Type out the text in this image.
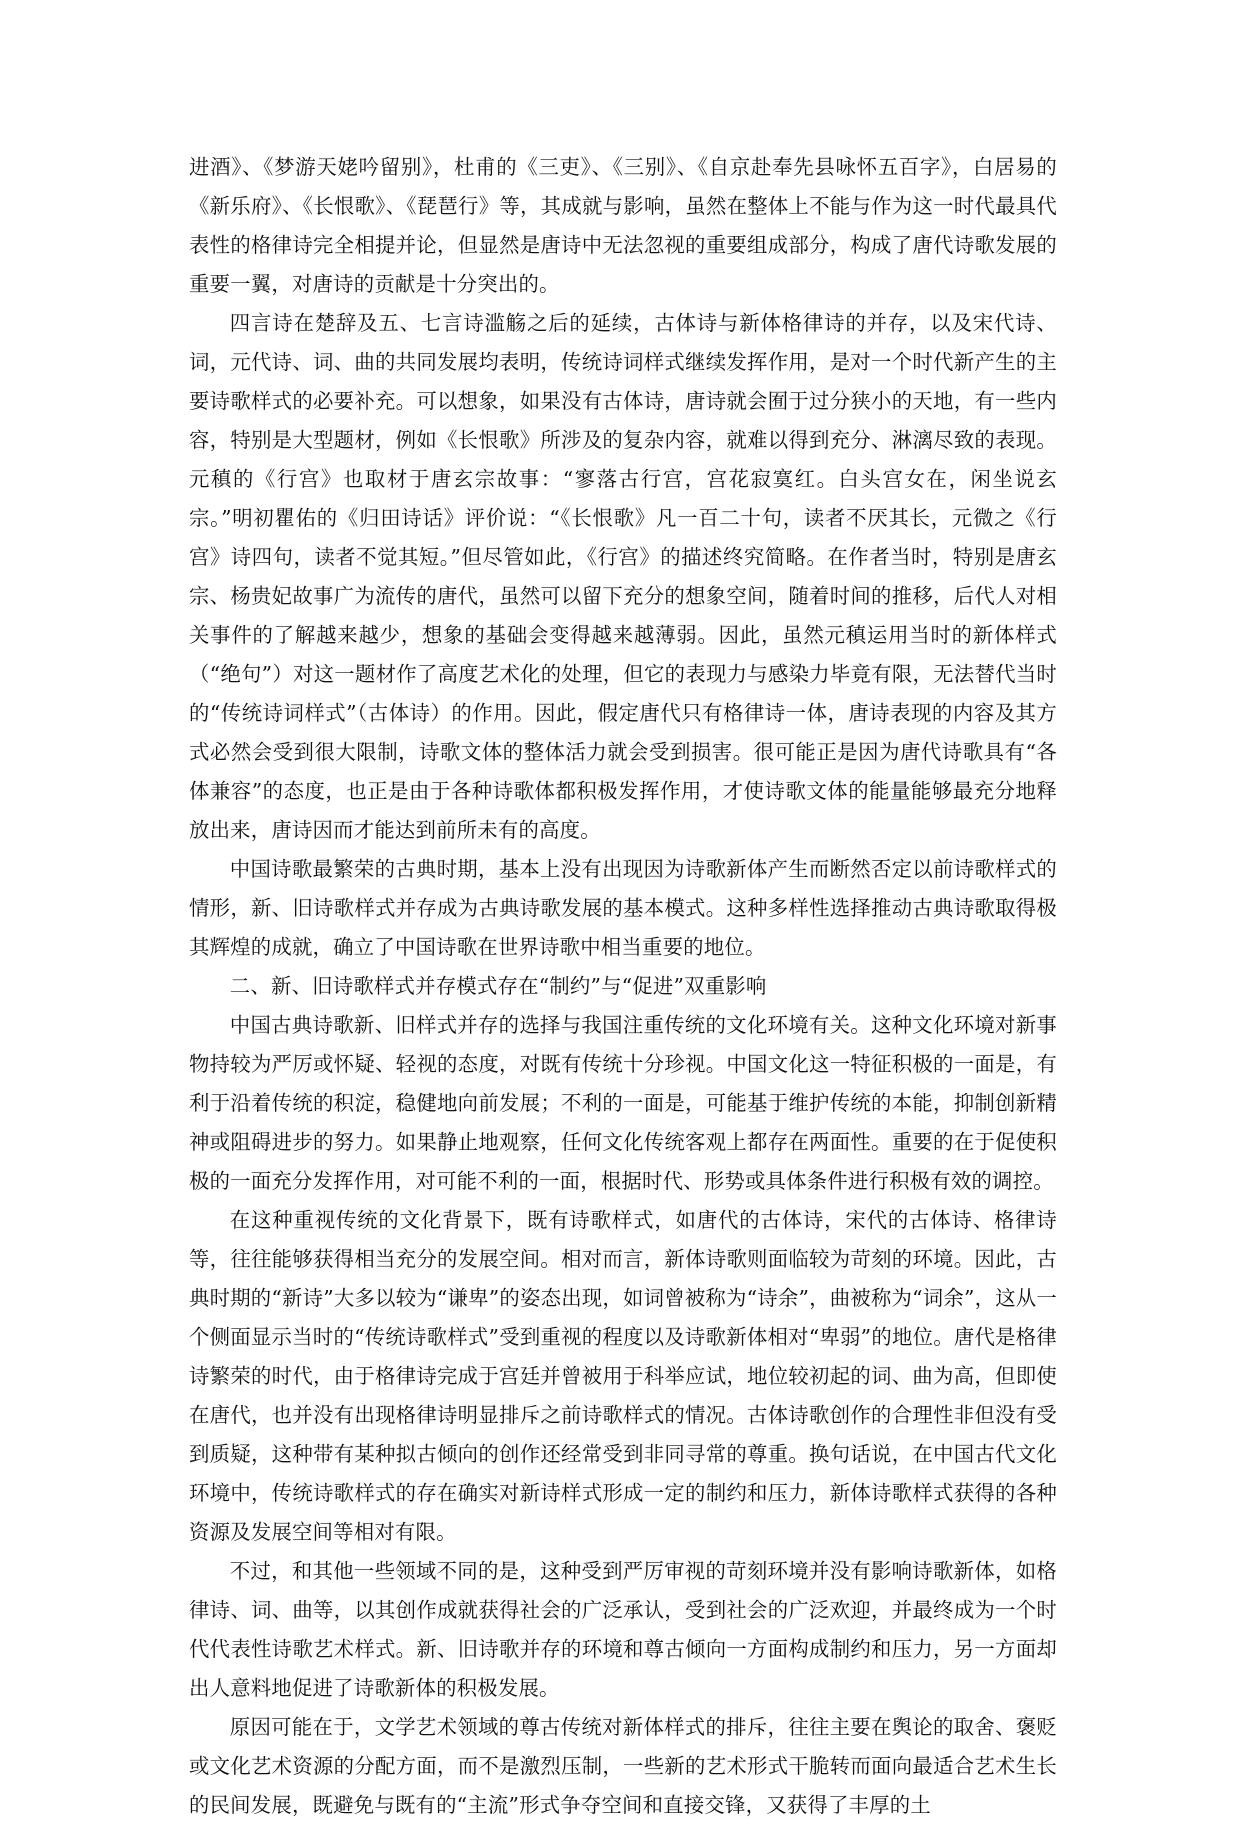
进酒》、《梦游天姥吟留别》，杜甫的《三吏》、《三别》、《自京赴奉先县咏怀五百字》，白居易的《新乐府》、《长恨歌》、《琵琶行》等，其成就与影响，虽然在整体上不能与作为这一时代最具代表性的格律诗完全相提并论，但显然是唐诗中无法忽视的重要组成部分，构成了唐代诗歌发展的重要一翼，对唐诗的贡献是十分突出的。

四言诗在楚辞及五、七言诗滥觞之后的延续，古体诗与新体格律诗的并存，以及宋代诗、词，元代诗、词、曲的共同发展均表明，传统诗词样式继续发挥作用，是对一个时代新产生的主要诗歌样式的必要补充。可以想象，如果没有古体诗，唐诗就会囿于过分狭小的天地，有一些内容，特别是大型题材，例如《长恨歌》所涉及的复杂内容，就难以得到充分、淋漓尽致的表现。元稹的《行宫》也取材于唐玄宗故事：“寥落古行宫，宫花寂寞红。白头宫女在，闲坐说玄宗。”明初瞿佑的《归田诗话》评价说：“《长恨歌》凡一百二十句，读者不厌其长，元微之《行宫》诗四句，读者不觉其短。”但尽管如此，《行宫》的描述终究简略。在作者当时，特别是唐玄宗、杨贵妃故事广为流传的唐代，虽然可以留下充分的想象空间，随着时间的推移，后代人对相关事件的了解越来越少，想象的基础会变得越来越薄弱。因此，虽然元稹运用当时的新体样式（“绝句”）对这一题材作了高度艺术化的处理，但它的表现力与感染力毕竟有限，无法替代当时的“传统诗词样式”（古体诗）的作用。因此，假定唐代只有格律诗一体，唐诗表现的内容及其方式必然会受到很大限制，诗歌文体的整体活力就会受到损害。很可能正是因为唐代诗歌具有“各体兼容”的态度，也正是由于各种诗歌体都积极发挥作用，才使诗歌文体的能量能够最充分地释放出来，唐诗因而才能达到前所未有的高度。

中国诗歌最繁荣的古典时期，基本上没有出现因为诗歌新体产生而断然否定以前诗歌样式的情形，新、旧诗歌样式并存成为古典诗歌发展的基本模式。这种多样性选择推动古典诗歌取得极其辉煌的成就，确立了中国诗歌在世界诗歌中相当重要的地位。

二、新、旧诗歌样式并存模式存在“制约”与“促进”双重影响

中国古典诗歌新、旧样式并存的选择与我国注重传统的文化环境有关。这种文化环境对新事物持较为严厉或怀疑、轻视的态度，对既有传统十分珍视。中国文化这一特征积极的一面是，有利于沿着传统的积淀，稳健地向前发展；不利的一面是，可能基于维护传统的本能，抑制创新精神或阻碍进步的努力。如果静止地观察，任何文化传统客观上都存在两面性。重要的在于促使积极的一面充分发挥作用，对可能不利的一面，根据时代、形势或具体条件进行积极有效的调控。

在这种重视传统的文化背景下，既有诗歌样式，如唐代的古体诗，宋代的古体诗、格律诗等，往往能够获得相当充分的发展空间。相对而言，新体诗歌则面临较为苛刻的环境。因此，古典时期的“新诗”大多以较为“谦卑”的姿态出现，如词曾被称为“诗余”，曲被称为“词余”，这从一个侧面显示当时的“传统诗歌样式”受到重视的程度以及诗歌新体相对“卑弱”的地位。唐代是格律诗繁荣的时代，由于格律诗完成于宫廷并曾被用于科举应试，地位较初起的词、曲为高，但即使在唐代，也并没有出现格律诗明显排斥之前诗歌样式的情况。古体诗歌创作的合理性非但没有受到质疑，这种带有某种拟古倾向的创作还经常受到非同寻常的尊重。换句话说，在中国古代文化环境中，传统诗歌样式的存在确实对新诗样式形成一定的制约和压力，新体诗歌样式获得的各种资源及发展空间等相对有限。

不过，和其他一些领域不同的是，这种受到严厉审视的苛刻环境并没有影响诗歌新体，如格律诗、词、曲等，以其创作成就获得社会的广泛承认，受到社会的广泛欢迎，并最终成为一个时代代表性诗歌艺术样式。新、旧诗歌并存的环境和尊古倾向一方面构成制约和压力，另一方面却出人意料地促进了诗歌新体的积极发展。

原因可能在于，文学艺术领域的尊古传统对新体样式的排斥，往往主要在舆论的取舍、褒贬或文化艺术资源的分配方面，而不是激烈压制，一些新的艺术形式干脆转而面向最适合艺术生长的民间发展，既避免与既有的“主流”形式争夺空间和直接交锋，又获得了丰厚的土
